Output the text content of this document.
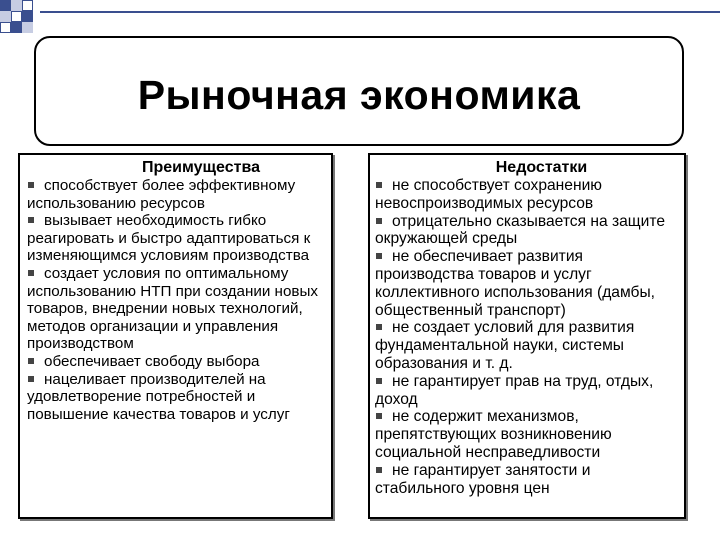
Рыночная экономика
Преимущества
способствует более эффективному использованию ресурсов
вызывает необходимость гибко реагировать и быстро адаптироваться к изменяющимся условиям производства
создает условия по оптимальному использованию НТП при создании новых товаров, внедрении новых технологий, методов организации и управления производством
обеспечивает свободу выбора
нацеливает производителей на удовлетворение потребностей и повышение качества товаров и услуг
Недостатки
не способствует сохранению невоспроизводимых ресурсов
отрицательно сказывается на защите окружающей среды
не обеспечивает развития производства товаров и услуг коллективного использования (дамбы, общественный транспорт)
не создает условий для развития фундаментальной науки, системы образования и т. д.
не гарантирует прав на труд, отдых, доход
не содержит механизмов, препятствующих возникновению социальной несправедливости
не гарантирует занятости и стабильного уровня цен
